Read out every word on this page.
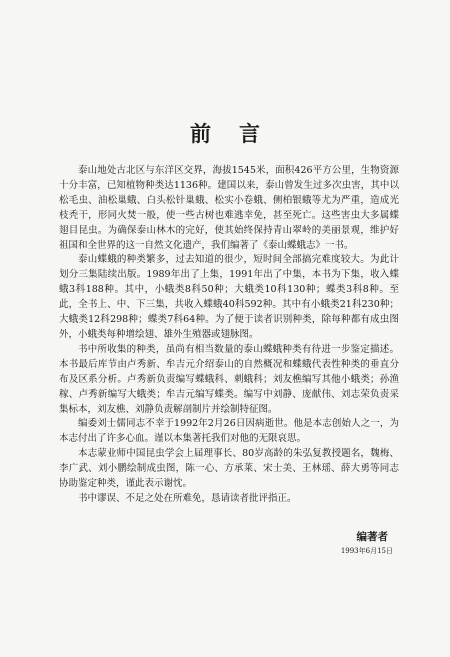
前言

泰山地处古北区与东洋区交界，海拔1545米，面积426平方公里，生物资源十分丰富，已知植物种类达1136种。建国以来，泰山曾发生过多次虫害，其中以松毛虫、油松巢蛾、白头松针巢蛾、松实小卷蛾、侧柏银蛾等尤为严重，造成光枝秃干，形同火焚一般，使一些古树也难逃幸免，甚至死亡。这些害虫大多属蝶翅目昆虫。为确保泰山林木的完好，使其始终保持青山翠岭的美丽景观，维护好祖国和全世界的这一自然文化遗产，我们编著了《泰山蝶蛾志》一书。

泰山蝶蛾的种类繁多，过去知道的很少，短时间全部搞完难度较大。为此计划分三集陆续出版。1989年出了上集，1991年出了中集，本书为下集，收入蝶蛾3科188种。其中，小蛾类8科50种；大蛾类10科130种；蝶类3科8种。至此，全书上、中、下三集，共收入蝶蛾40科592种。其中有小蛾类21科230种；大蛾类12科298种；蝶类7科64种。为了便于读者识别种类，除每种都有成虫图外，小蛾类每种增绘翅、雄外生殖器或翅脉图。

书中所收集的种类，虽尚有相当数量的泰山蝶蛾种类有待进一步鉴定描述。本书最后库节由卢秀新、牟吉元介绍泰山的自然概况和蝶蛾代表性种类的垂直分布及区系分析。卢秀新负责编写蝶蛾科、刺蛾科；刘友樵编写其他小蛾类；孙渔稼、卢秀新编写大蛾类；牟吉元编写蝶类。编写中刘静、庞献伟、刘志荣负责采集标本，刘友樵、刘静负责解剖制片并绘制特征图。

编委刘士儒同志不幸于1992年2月26日因病逝世。他是本志创始人之一，为本志付出了许多心血。谨以本集著托我们对他的无限哀思。

本志蒙业师中国昆虫学会上届理事长、80岁高龄的朱弘复教授题名，魏梅、李广武、刘小鹏绘制成虫图，陈一心、方承莱、宋士美、王林瑶、薛大勇等同志协助鉴定种类，谨此表示谢忱。

书中谬误、不足之处在所难免，恳请读者批评指正。

编著者
1993年6月15日
